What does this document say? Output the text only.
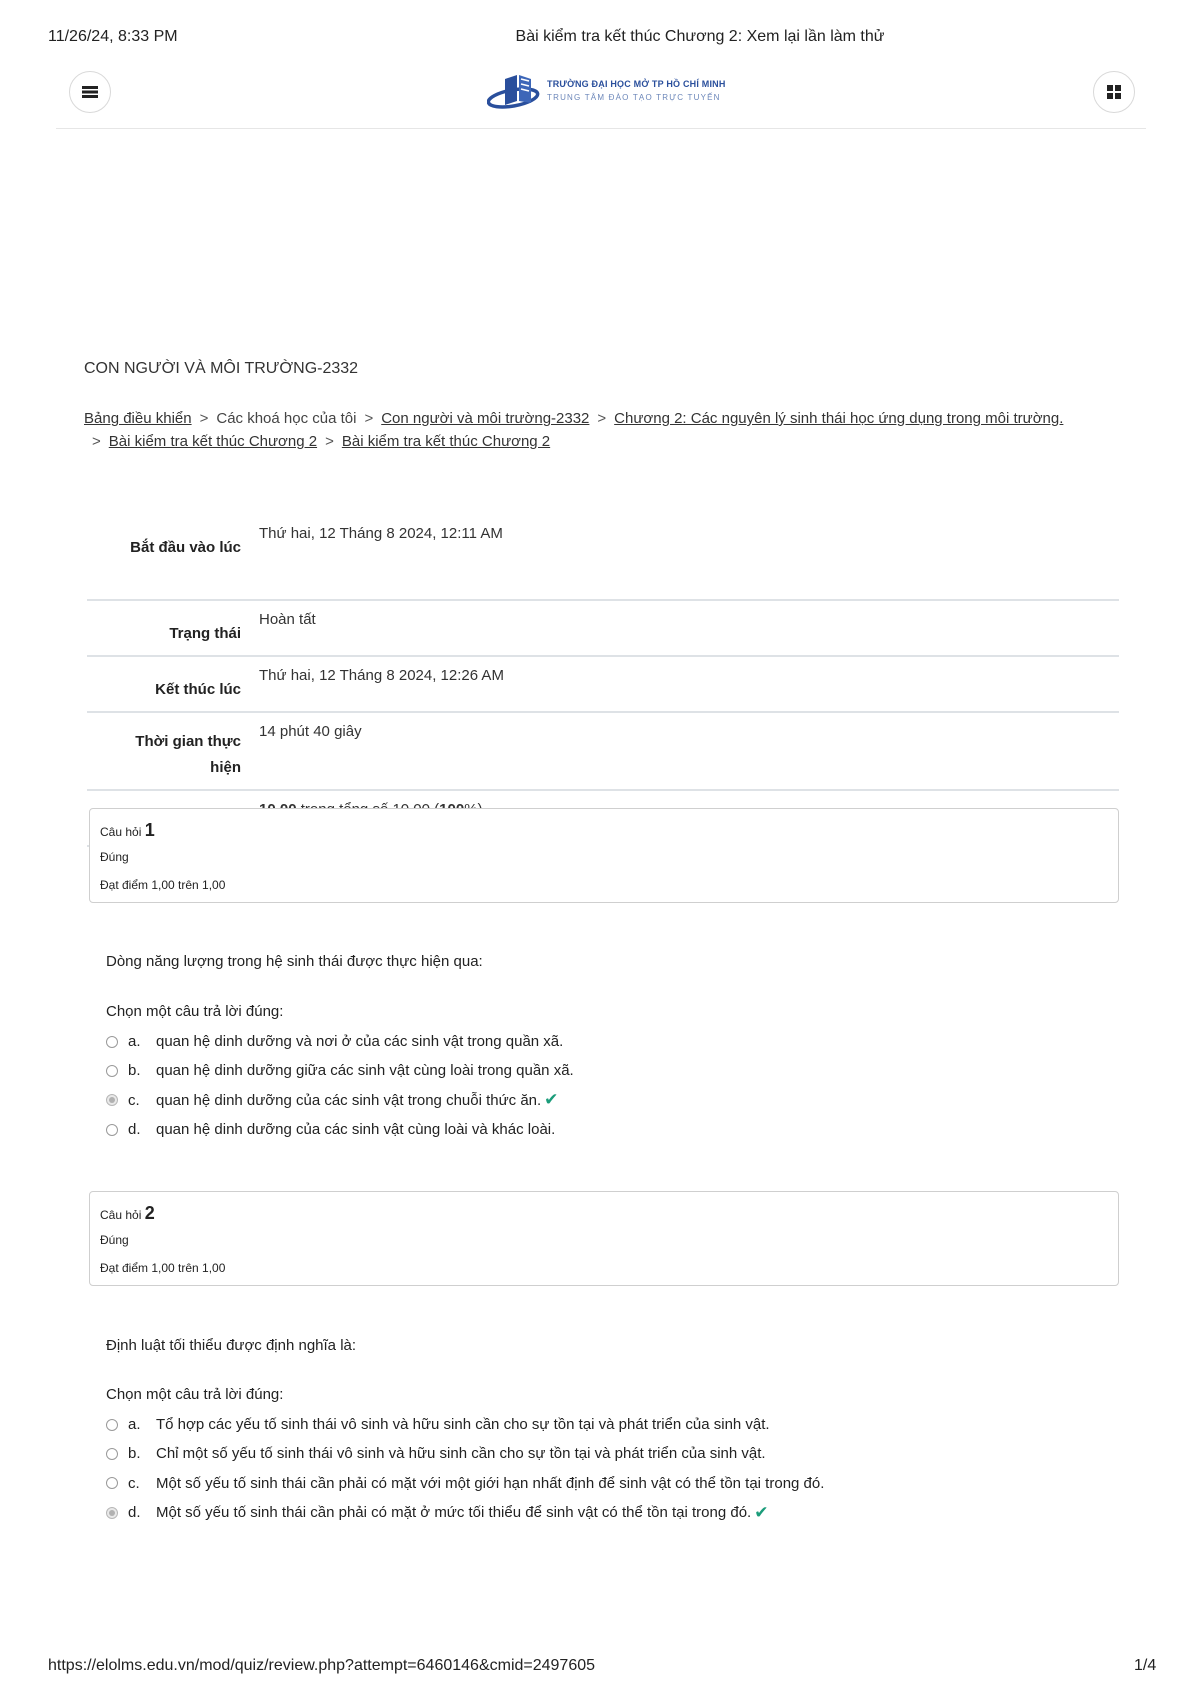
11/26/24, 8:33 PM	Bài kiểm tra kết thúc Chương 2: Xem lại lần làm thử
TRƯỜNG ĐẠI HỌC MỞ TP HỒ CHÍ MINH
TRUNG TÂM ĐÀO TẠO TRỰC TUYẾN
CON NGƯỜI VÀ MÔI TRƯỜNG-2332
Bảng điều khiển > Các khoá học của tôi > Con người và môi trường-2332 > Chương 2: Các nguyên lý sinh thái học ứng dụng trong môi trường.
> Bài kiểm tra kết thúc Chương 2 > Bài kiểm tra kết thúc Chương 2
Bắt đầu vào lúc	Thứ hai, 12 Tháng 8 2024, 12:11 AM
Trạng thái	Hoàn tất
Kết thúc lúc	Thứ hai, 12 Tháng 8 2024, 12:26 AM
Thời gian thực
hiện	14 phút 40 giây

Câu hỏi 1
Đúng
Đạt điểm 1,00 trên 1,00
Dòng năng lượng trong hệ sinh thái được thực hiện qua:
Chọn một câu trả lời đúng:
a.	quan hệ dinh dưỡng và nơi ở của các sinh vật trong quần xã.
b.	quan hệ dinh dưỡng giữa các sinh vật cùng loài trong quần xã.
c.	quan hệ dinh dưỡng của các sinh vật trong chuỗi thức ăn. ✔
d.	quan hệ dinh dưỡng của các sinh vật cùng loài và khác loài.
Câu hỏi 2
Đúng
Đạt điểm 1,00 trên 1,00
Định luật tối thiểu được định nghĩa là:
Chọn một câu trả lời đúng:
a.	Tổ hợp các yếu tố sinh thái vô sinh và hữu sinh cần cho sự tồn tại và phát triển của sinh vật.
b.	Chỉ một số yếu tố sinh thái vô sinh và hữu sinh cần cho sự tồn tại và phát triển của sinh vật.
c.	Một số yếu tố sinh thái cần phải có mặt với một giới hạn nhất định để sinh vật có thể tồn tại trong đó.
d.	Một số yếu tố sinh thái cần phải có mặt ở mức tối thiểu để sinh vật có thể tồn tại trong đó. ✔
https://elolms.edu.vn/mod/quiz/review.php?attempt=6460146&cmid=2497605	1/4
